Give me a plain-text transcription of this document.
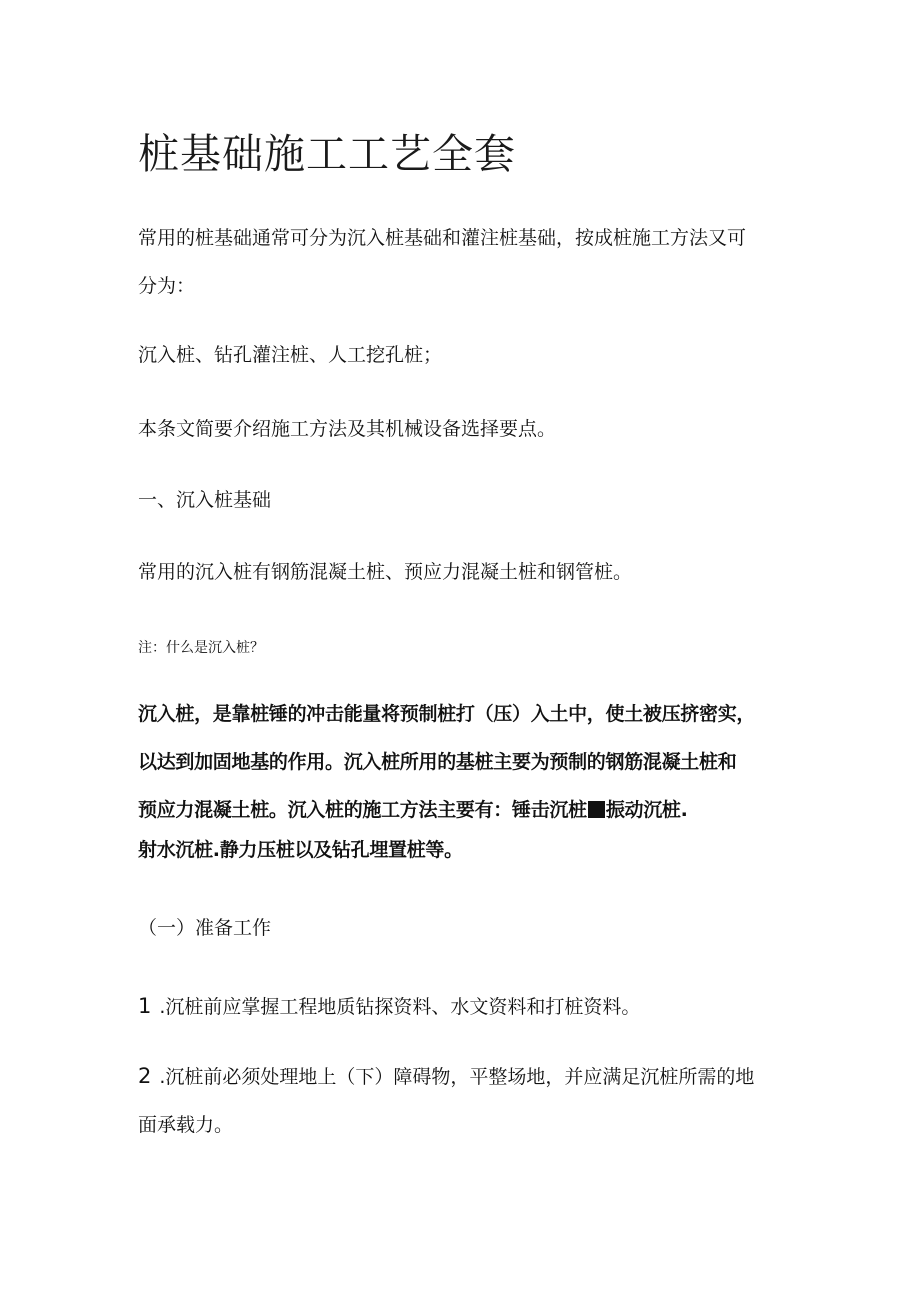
桩基础施工工艺全套

常用的桩基础通常可分为沉入桩基础和灌注桩基础，按成桩施工方法又可
分为：

沉入桩、钻孔灌注桩、人工挖孔桩；

本条文简要介绍施工方法及其机械设备选择要点。

一、沉入桩基础

常用的沉入桩有钢筋混凝土桩、预应力混凝土桩和钢管桩。

注：什么是沉入桩？

沉入桩，是靠桩锤的冲击能量将预制桩打（压）入土中，使土被压挤密实，
以达到加固地基的作用。沉入桩所用的基桩主要为预制的钢筋混凝土桩和
预应力混凝土桩。沉入桩的施工方法主要有：锤击沉桩 振动沉桩.
射水沉桩.静力压桩以及钻孔埋置桩等。

（一）准备工作

1 .沉桩前应掌握工程地质钻探资料、水文资料和打桩资料。

2 .沉桩前必须处理地上（下）障碍物，平整场地，并应满足沉桩所需的地
面承载力。
